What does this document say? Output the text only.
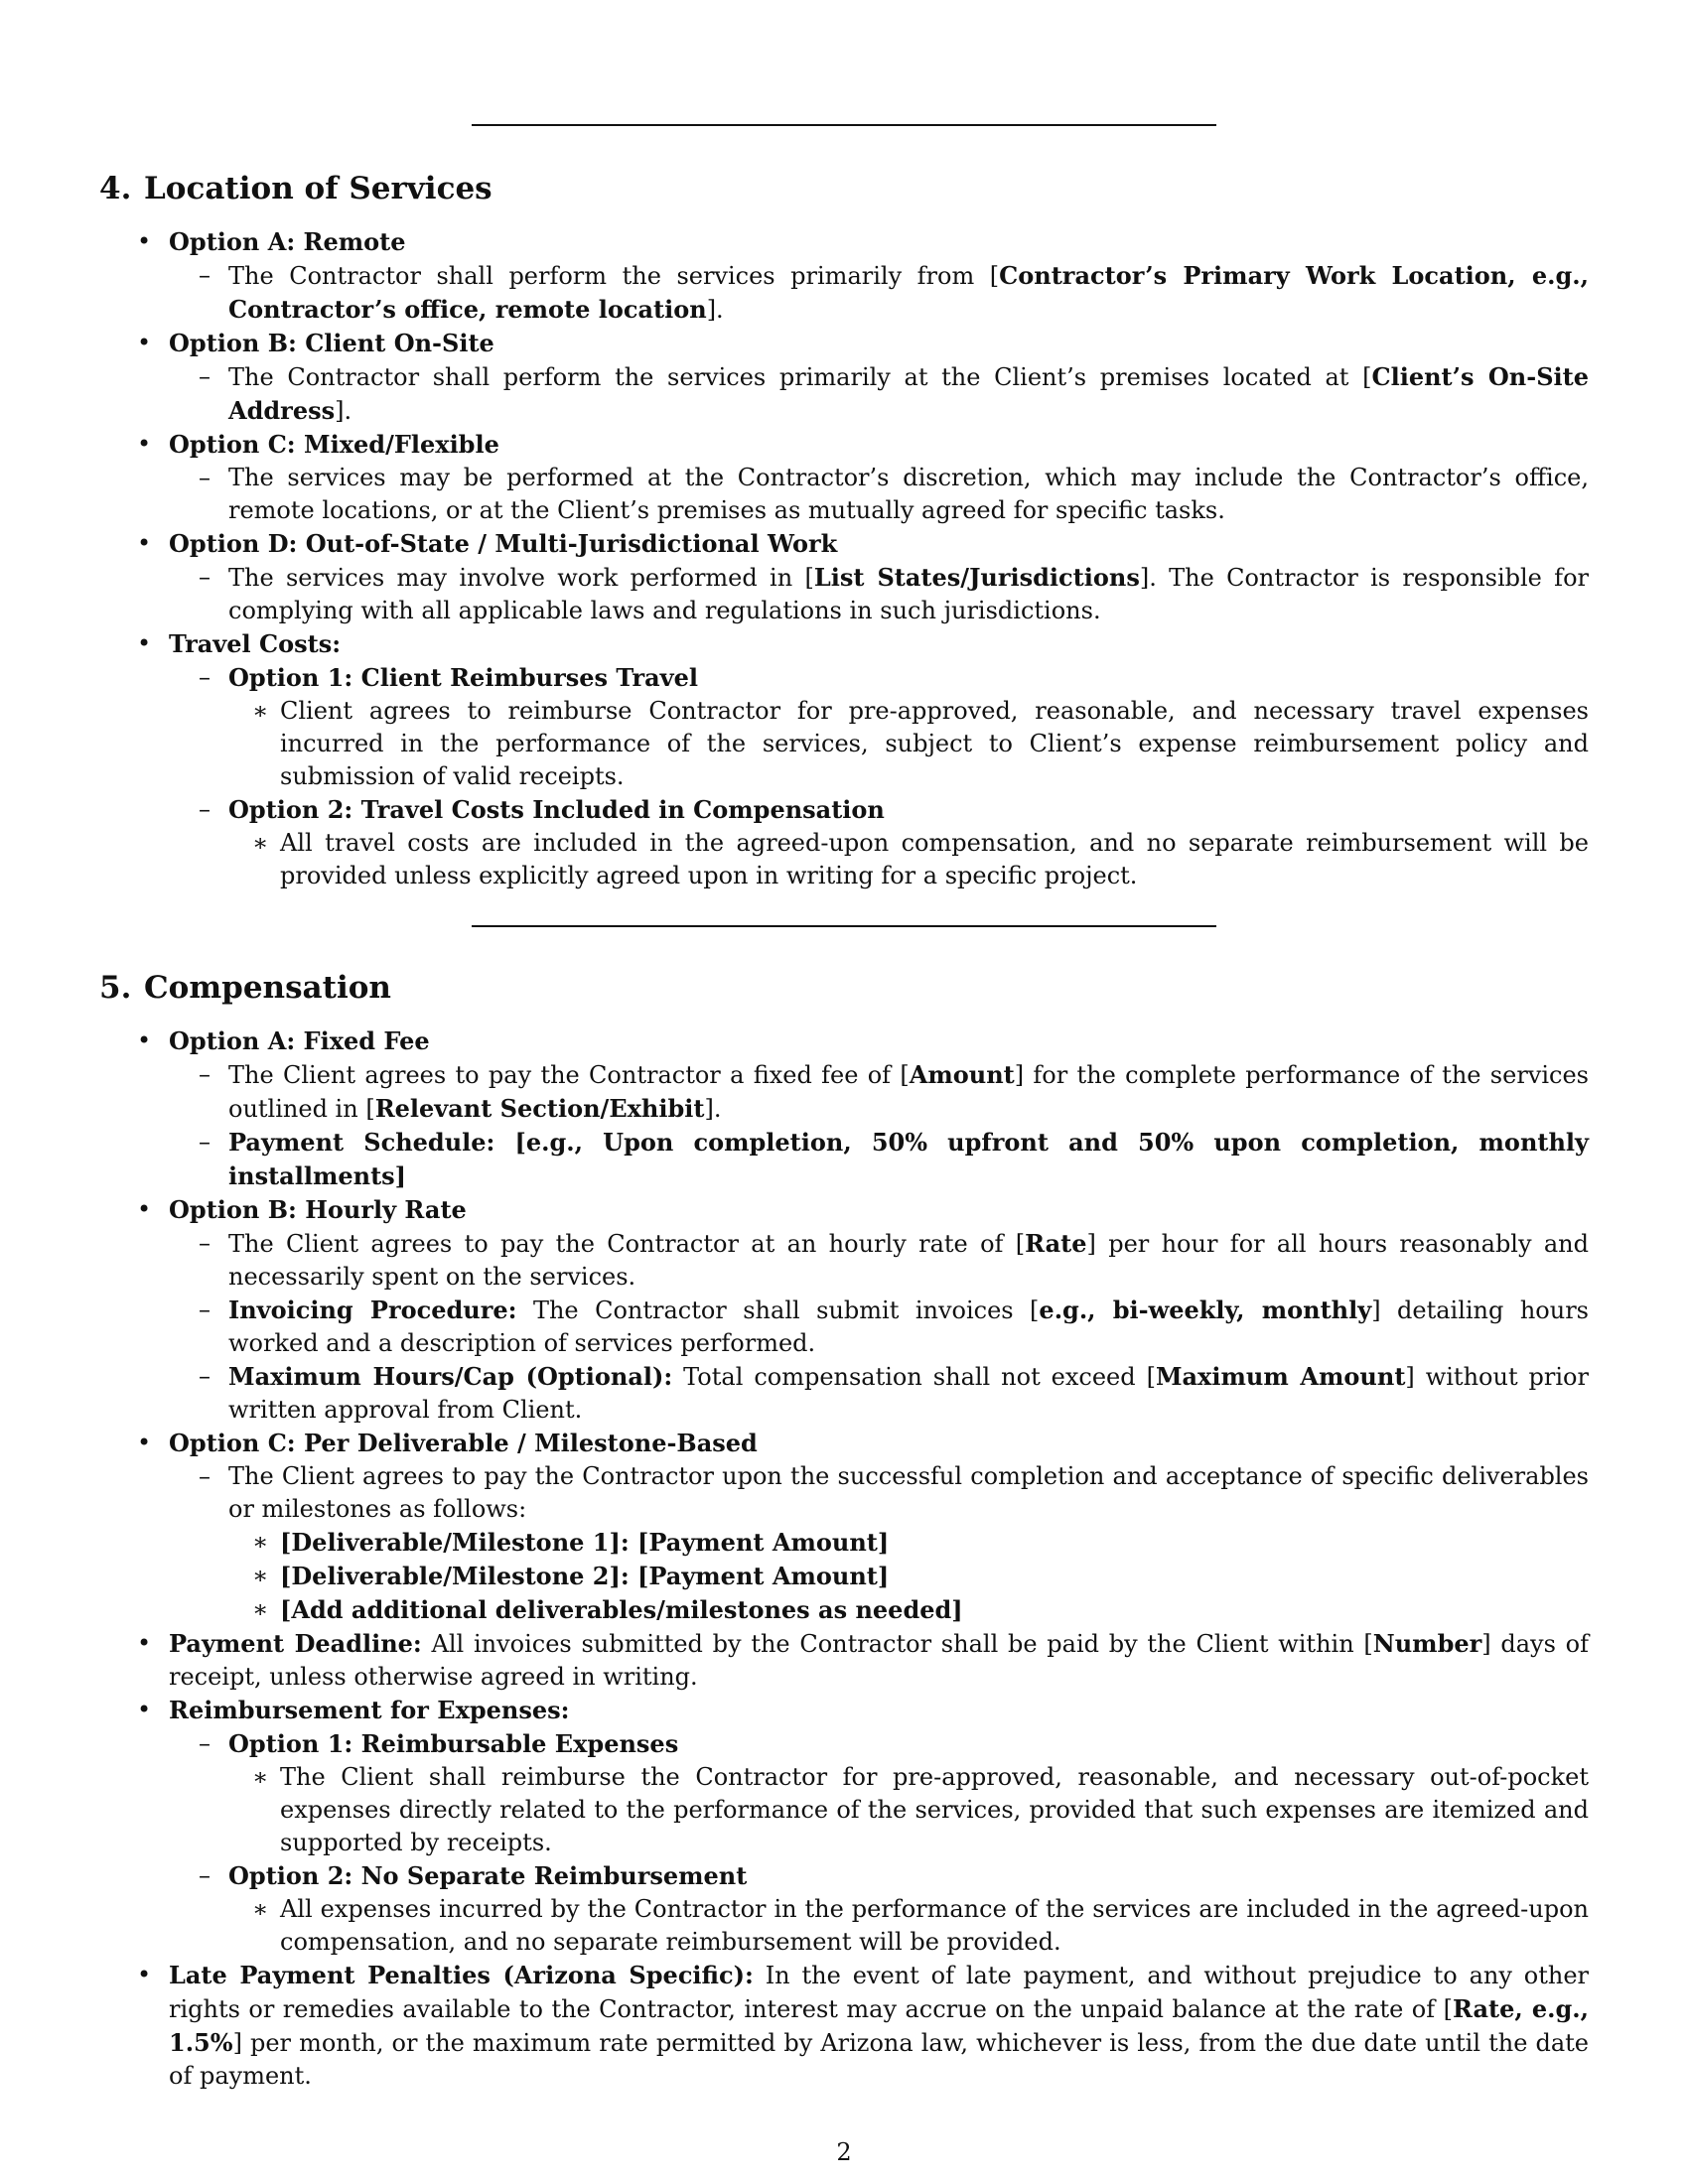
4. Location of Services
• Option A: Remote
– The Contractor shall perform the services primarily from [Contractor’s Primary Work Location, e.g., Contractor’s office, remote location].
• Option B: Client On-Site
– The Contractor shall perform the services primarily at the Client’s premises located at [Client’s On-Site Address].
• Option C: Mixed/Flexible
– The services may be performed at the Contractor’s discretion, which may include the Contractor’s office, remote locations, or at the Client’s premises as mutually agreed for specific tasks.
• Option D: Out-of-State / Multi-Jurisdictional Work
– The services may involve work performed in [List States/Jurisdictions]. The Contractor is responsible for complying with all applicable laws and regulations in such jurisdictions.
• Travel Costs:
– Option 1: Client Reimburses Travel
∗ Client agrees to reimburse Contractor for pre-approved, reasonable, and necessary travel expenses incurred in the performance of the services, subject to Client’s expense reimbursement policy and submission of valid receipts.
– Option 2: Travel Costs Included in Compensation
∗ All travel costs are included in the agreed-upon compensation, and no separate reimbursement will be provided unless explicitly agreed upon in writing for a specific project.
5. Compensation
• Option A: Fixed Fee
– The Client agrees to pay the Contractor a fixed fee of [Amount] for the complete performance of the services outlined in [Relevant Section/Exhibit].
– Payment Schedule: [e.g., Upon completion, 50% upfront and 50% upon completion, monthly installments]
• Option B: Hourly Rate
– The Client agrees to pay the Contractor at an hourly rate of [Rate] per hour for all hours reasonably and necessarily spent on the services.
– Invoicing Procedure: The Contractor shall submit invoices [e.g., bi-weekly, monthly] detailing hours worked and a description of services performed.
– Maximum Hours/Cap (Optional): Total compensation shall not exceed [Maximum Amount] without prior written approval from Client.
• Option C: Per Deliverable / Milestone-Based
– The Client agrees to pay the Contractor upon the successful completion and acceptance of specific deliverables or milestones as follows:
∗ [Deliverable/Milestone 1]: [Payment Amount]
∗ [Deliverable/Milestone 2]: [Payment Amount]
∗ [Add additional deliverables/milestones as needed]
• Payment Deadline: All invoices submitted by the Contractor shall be paid by the Client within [Number] days of receipt, unless otherwise agreed in writing.
• Reimbursement for Expenses:
– Option 1: Reimbursable Expenses
∗ The Client shall reimburse the Contractor for pre-approved, reasonable, and necessary out-of-pocket expenses directly related to the performance of the services, provided that such expenses are itemized and supported by receipts.
– Option 2: No Separate Reimbursement
∗ All expenses incurred by the Contractor in the performance of the services are included in the agreed-upon compensation, and no separate reimbursement will be provided.
• Late Payment Penalties (Arizona Specific): In the event of late payment, and without prejudice to any other rights or remedies available to the Contractor, interest may accrue on the unpaid balance at the rate of [Rate, e.g., 1.5%] per month, or the maximum rate permitted by Arizona law, whichever is less, from the due date until the date of payment.
2
